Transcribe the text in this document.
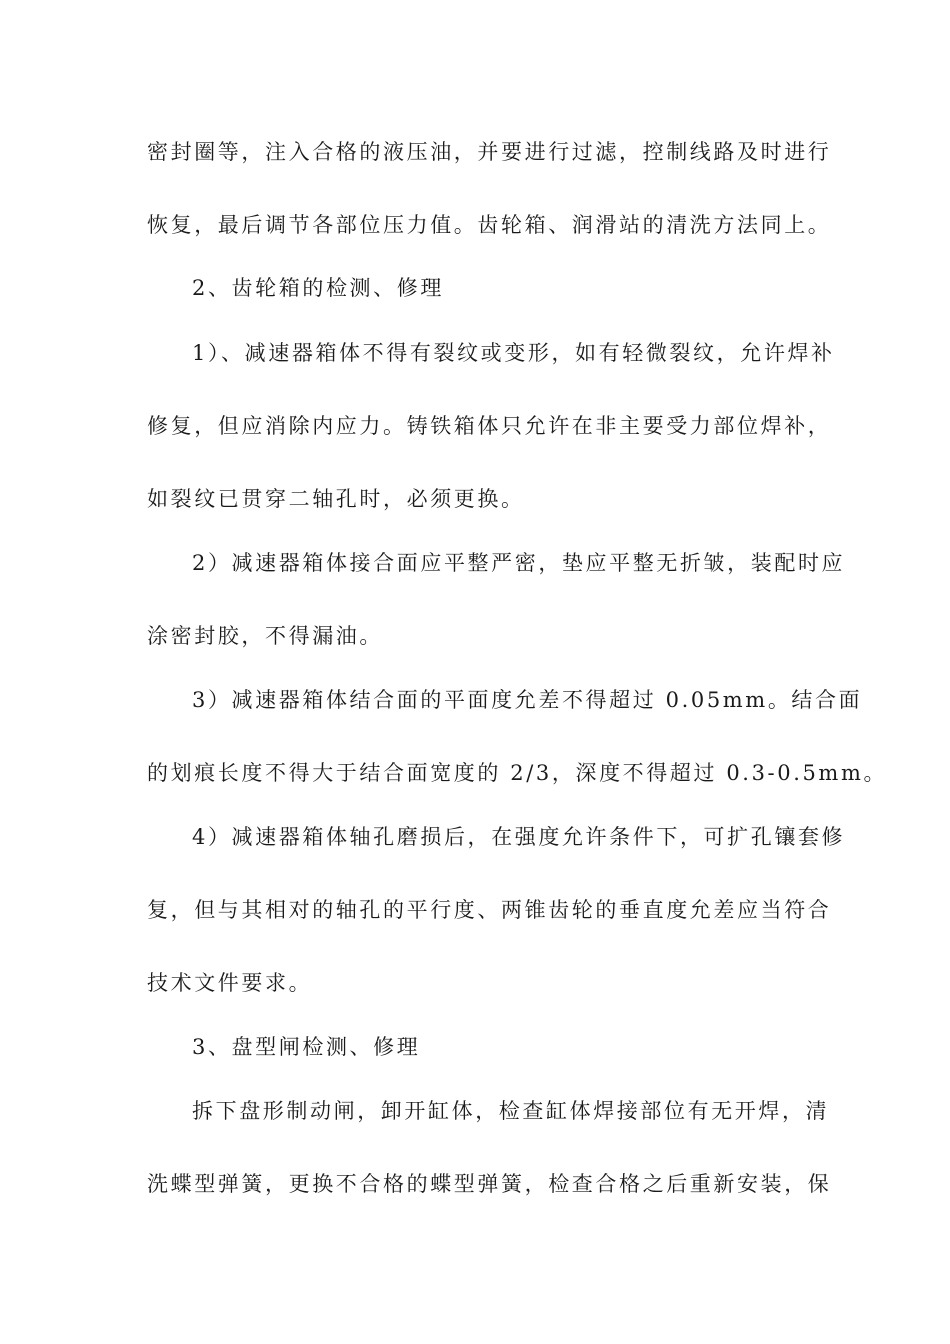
密封圈等，注入合格的液压油，并要进行过滤，控制线路及时进行
恢复，最后调节各部位压力值。齿轮箱、润滑站的清洗方法同上。
2、齿轮箱的检测、修理
1）、减速器箱体不得有裂纹或变形，如有轻微裂纹，允许焊补
修复，但应消除内应力。铸铁箱体只允许在非主要受力部位焊补，
如裂纹已贯穿二轴孔时，必须更换。
2）减速器箱体接合面应平整严密，垫应平整无折皱，装配时应
涂密封胶，不得漏油。
3）减速器箱体结合面的平面度允差不得超过 0.05mm。结合面
的划痕长度不得大于结合面宽度的 2/3，深度不得超过 0.3-0.5mm。
4）减速器箱体轴孔磨损后，在强度允许条件下，可扩孔镶套修
复，但与其相对的轴孔的平行度、两锥齿轮的垂直度允差应当符合
技术文件要求。
3、盘型闸检测、修理
拆下盘形制动闸，卸开缸体，检查缸体焊接部位有无开焊，清
洗蝶型弹簧，更换不合格的蝶型弹簧，检查合格之后重新安装，保
